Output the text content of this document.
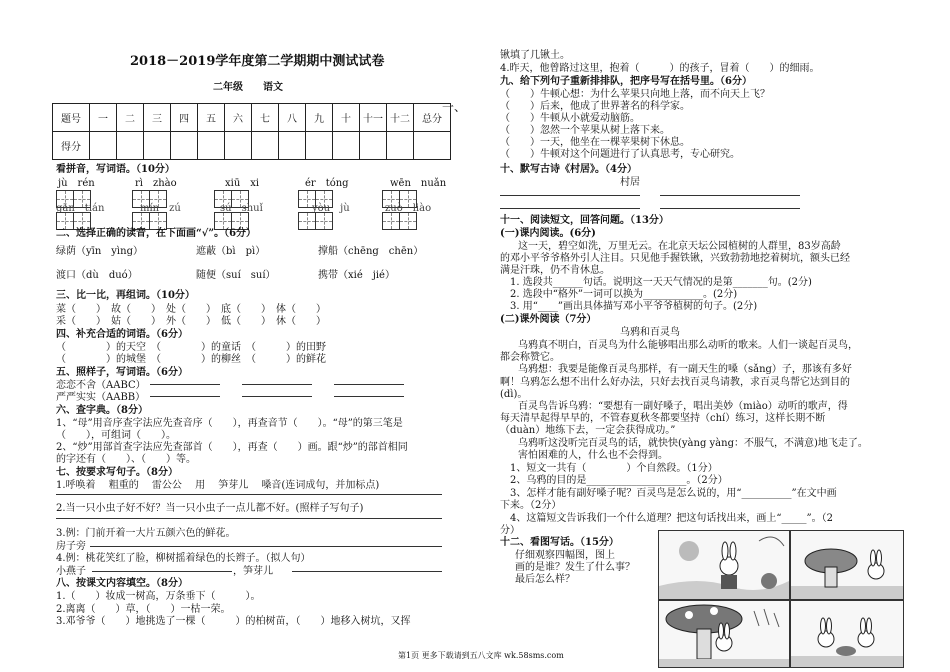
2018－2019学年度第二学期期中测试试卷
二年级　　语文
一、
题号	一	二	三	四	五	六	七	八	九	十	十一	十二	总分
得分													
看拼音，写词语。（10分）
jù　rén	rì　zhào	xiū　xi	ér　tóng	wēn　nuǎn
gān　tián	mín　zú	sú　shuǐ	yòu　jù	zuò　liào
二、选择正确的读音，在下面画“√”。（6分）
绿荫（yīn　yìng）	遮蔽（bì　pì）	撑船（chēng　chēn）
渡口（dù　duó）	随便（suí　suí）	携带（xié　jié）
三、比一比，再组词。（10分）
菜（　　）　故（　　）　处（　　）　底（　　）　体（　　）
采（　　）　姑（　　）　外（　　）　低（　　）　休（　　）
四、补充合适的词语。（6分）
（　　　　）的天空　（　　　　）的童话　（　　　）的田野
（　　　　）的城堡　（　　　　）的柳丝　（　　　）的鲜花
五、照样子，写词语。（6分）
恋恋不舍（AABC）
严严实实（AABB）
六、查字典。（8分）
1、“母”用音序查字法应先查音序（　　），再查音节（　　）。“母”的第三笔是
（　　），可组词（　　）。
2、“炒”用部首查字法应先查部首（　　），再查（　　）画。跟“炒”的部首相同
的字还有（　　）、（　　）等。
七、按要求写句子。（8分）
1.呼唤着　 粗重的　 雷公公　 用　 笋芽儿　 嗓音(连词成句，并加标点)
2.当一只小虫子好不好？当一只小虫子一点儿都不好。(照样子写句子)
3.例：门前开着一大片五颜六色的鲜花。
房子旁
4.例：桃花笑红了脸，柳树摇着绿色的长辫子。（拟人句）
小燕子	，笋芽儿
八、按课文内容填空。（8分）
1.（　　）妆成一树高，万条垂下（　　　）。
2.离离（　　）草，（　　）一枯一荣。
3.邓爷爷（　　）地挑选了一棵（　　　）的柏树苗，（　　）地移入树坑，又挥
锹填了几锹土。
4.昨天，他曾路过这里，抱着（　　　）的孩子，冒着（　　）的细雨。
九、给下列句子重新排排队，把序号写在括号里。（6分）
（　　）牛顿心想：为什么苹果只向地上落，而不向天上飞？
（　　）后来，他成了世界著名的科学家。
（　　）牛顿从小就爱动脑筋。
（　　）忽然一个苹果从树上落下来。
（　　）一天，他坐在一棵苹果树下休息。
（　　）牛顿对这个问题进行了认真思考，专心研究。
十、默写古诗《村居》。（4分）
村居
十一、阅读短文，回答问题。（13分）
(一)课内阅读。(6分)
这一天，碧空如洗，万里无云。在北京天坛公园植树的人群里，83岁高龄
的邓小平爷爷格外引人注目。只见他手握铁锹，兴致勃勃地挖着树坑，额头已经
满是汗珠，仍不肯休息。
1. 选段共______句话。说明这一天天气情况的是第_______句。(2分)
2. 选段中“格外”一词可以换为____________。(2分)
3. 用“____”画出具体描写邓小平爷爷植树的句子。(2分)
(二)课外阅读（7分）
乌鸦和百灵鸟
乌鸦真不明白，百灵鸟为什么能够唱出那么动听的歌来。人们一谈起百灵鸟，
都会称赞它。
乌鸦想：我要是能像百灵鸟那样，有一副天生的嗓（sǎng）子，那该有多好
啊！乌鸦怎么想不出什么好办法，只好去找百灵鸟请教，求百灵鸟帮它达到目的
(dì)。
百灵鸟告诉乌鸦：“要想有一副好嗓子，唱出美妙（miào）动听的歌声，得
每天清早起得早早的，不管春夏秋冬都要坚持（chí）练习，这样长期不断
（duàn）地练下去，一定会获得成功。”
乌鸦听这没听完百灵鸟的话，就快快(yàng yàng：不服气，不满意)地飞走了。
害怕困难的人，什么也不会得到。
1、短文一共有（　　　　）个自然段。（1分）
2、乌鸦的目的是____________________。（2分）
3、怎样才能有副好嗓子呢？百灵鸟是怎么说的，用“__________”在文中画
下来。（2分）
4、这篇短文告诉我们一个什么道理？把这句话找出来，画上“_____”。（2
分）
十二、看图写话。（15分）
仔细观察四幅图，图上
画的是谁？发生了什么事？
最后怎么样？
第1页 更多下载请到五八文库 wk.58sms.com
